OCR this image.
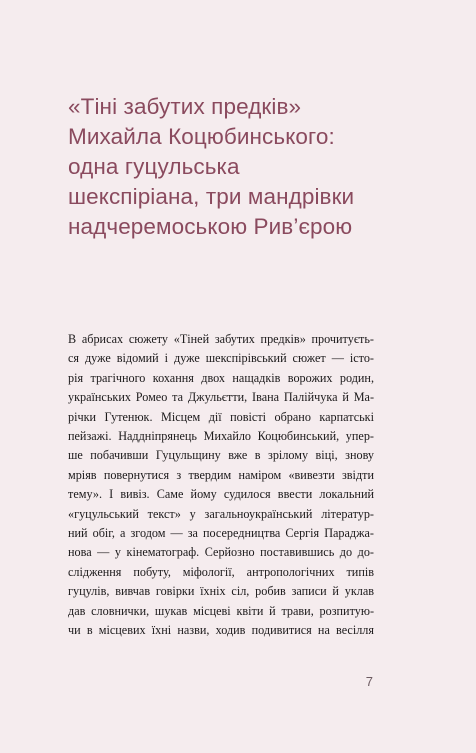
«Тіні забутих предків»
Михайла Коцюбинського:
одна гуцульська
шекспіріана, три мандрівки
надчеремоською Рив’єрою
В абрисах сюжету «Тіней забутих предків» прочитуєть-
ся дуже відомий і дуже шекспірівський сюжет — істо-
рія трагічного кохання двох нащадків ворожих родин,
українських Ромео та Джульєтти, Івана Палійчука й Ма-
річки Гутенюк. Місцем дії повісті обрано карпатські
пейзажі. Наддніпрянець Михайло Коцюбинський, упер-
ше побачивши Гуцульщину вже в зрілому віці, знову
мріяв повернутися з твердим наміром «вивезти звідти
тему». І вивіз. Саме йому судилося ввести локальний
«гуцульський текст» у загальноукраїнський літератур-
ний обіг, а згодом — за посередництва Сергія Параджа-
нова — у кінематограф. Серйозно поставившись до до-
слідження побуту, міфології, антропологічних типів
гуцулів, вивчав говірки їхніх сіл, робив записи й уклав
дав словнички, шукав місцеві квіти й трави, розпитую-
чи в місцевих їхні назви, ходив подивитися на весілля
7
